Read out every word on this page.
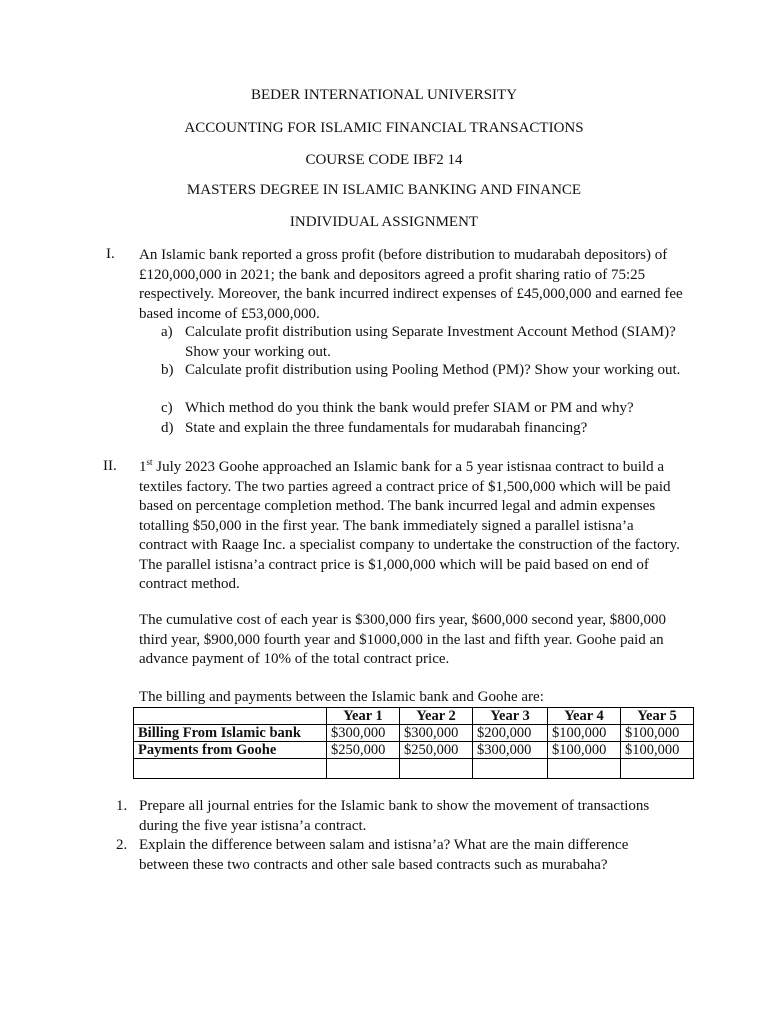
BEDER INTERNATIONAL UNIVERSITY
ACCOUNTING FOR ISLAMIC FINANCIAL TRANSACTIONS
COURSE CODE IBF2 14
MASTERS DEGREE IN ISLAMIC BANKING AND FINANCE
INDIVIDUAL ASSIGNMENT
I. An Islamic bank reported a gross profit (before distribution to mudarabah depositors) of £120,000,000 in 2021; the bank and depositors agreed a profit sharing ratio of 75:25 respectively. Moreover, the bank incurred indirect expenses of £45,000,000 and earned fee based income of £53,000,000.

a) Calculate profit distribution using Separate Investment Account Method (SIAM)? Show your working out.
b) Calculate profit distribution using Pooling Method (PM)? Show your working out.
c) Which method do you think the bank would prefer SIAM or PM and why?
d) State and explain the three fundamentals for mudarabah financing?
II. 1st July 2023 Goohe approached an Islamic bank for a 5 year istisnaa contract to build a textiles factory. The two parties agreed a contract price of $1,500,000 which will be paid based on percentage completion method. The bank incurred legal and admin expenses totalling $50,000 in the first year. The bank immediately signed a parallel istisna’a contract with Raage Inc. a specialist company to undertake the construction of the factory. The parallel istisna’a contract price is $1,000,000 which will be paid based on end of contract method.

The cumulative cost of each year is $300,000 firs year, $600,000 second year, $800,000 third year, $900,000 fourth year and $1000,000 in the last and fifth year. Goohe paid an advance payment of 10% of the total contract price.

The billing and payments between the Islamic bank and Goohe are:

	Year 1	Year 2	Year 3	Year 4	Year 5
Billing From Islamic bank	$300,000	$300,000	$200,000	$100,000	$100,000
Payments from Goohe	$250,000	$250,000	$300,000	$100,000	$100,000

1. Prepare all journal entries for the Islamic bank to show the movement of transactions during the five year istisna’a contract.
2. Explain the difference between salam and istisna’a? What are the main difference between these two contracts and other sale based contracts such as murabaha?
